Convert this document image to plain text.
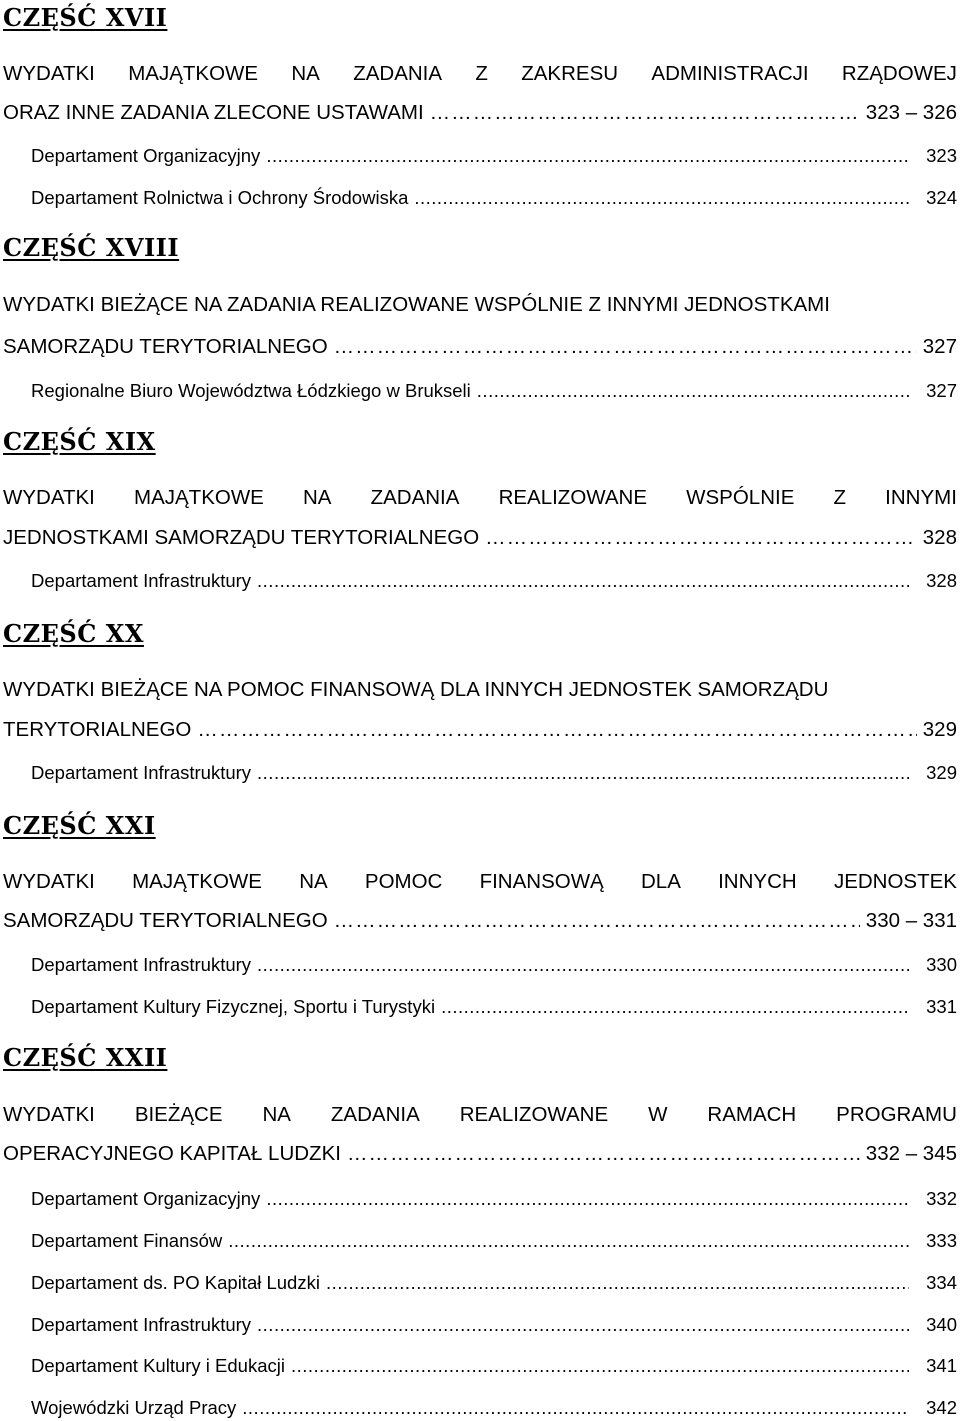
CZĘŚĆ XVII
WYDATKI MAJĄTKOWE NA ZADANIA Z ZAKRESU ADMINISTRACJI RZĄDOWEJ
ORAZ INNE ZADANIA ZLECONE USTAWAMI …………………………………………………………………………………………………………………	323 – 326
Departament Organizacyjny .....	323
Departament Rolnictwa i Ochrony Środowiska .....	324
CZĘŚĆ XVIII
WYDATKI BIEŻĄCE NA ZADANIA REALIZOWANE WSPÓLNIE Z INNYMI JEDNOSTKAMI
SAMORZĄDU TERYTORIALNEGO …………………………………………………………………………………………………………………	327
Regionalne Biuro Województwa Łódzkiego w Brukseli .....	327
CZĘŚĆ XIX
WYDATKI MAJĄTKOWE NA ZADANIA REALIZOWANE WSPÓLNIE Z INNYMI
JEDNOSTKAMI SAMORZĄDU TERYTORIALNEGO …………………………………………………………………………………………………………………	328
Departament Infrastruktury .....	328
CZĘŚĆ XX
WYDATKI BIEŻĄCE NA POMOC FINANSOWĄ DLA INNYCH JEDNOSTEK SAMORZĄDU
TERYTORIALNEGO …………………………………………………………………………………………………………………	329
Departament Infrastruktury .....	329
CZĘŚĆ XXI
WYDATKI MAJĄTKOWE NA POMOC FINANSOWĄ DLA INNYCH JEDNOSTEK
SAMORZĄDU TERYTORIALNEGO …………………………………………………………………………………………………………………	330 – 331
Departament Infrastruktury .....	330
Departament Kultury Fizycznej, Sportu i Turystyki .....	331
CZĘŚĆ XXII
WYDATKI BIEŻĄCE NA ZADANIA REALIZOWANE W RAMACH PROGRAMU
OPERACYJNEGO KAPITAŁ LUDZKI …………………………………………………………………………………………………………………	332 – 345
Departament Organizacyjny .....	332
Departament Finansów .....	333
Departament ds. PO Kapitał Ludzki .....	334
Departament Infrastruktury .....	340
Departament Kultury i Edukacji .....	341
Wojewódzki Urząd Pracy .....	342
